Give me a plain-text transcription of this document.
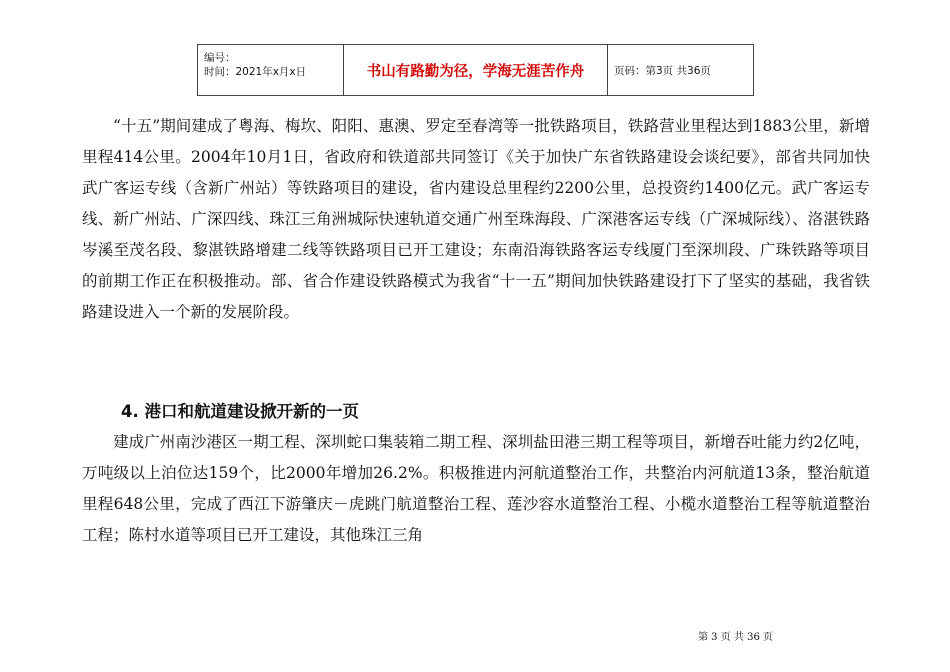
编号：
时间：2021年x月x日	书山有路勤为径，学海无涯苦作舟	页码：第3页 共36页
“十五”期间建成了粤海、梅坎、阳阳、惠澳、罗定至春湾等一批铁路项目，铁路营业里程达到1883公里，新增里程414公里。2004年10月1日，省政府和铁道部共同签订《关于加快广东省铁路建设会谈纪要》，部省共同加快武广客运专线（含新广州站）等铁路项目的建设，省内建设总里程约2200公里，总投资约1400亿元。武广客运专线、新广州站、广深四线、珠江三角洲城际快速轨道交通广州至珠海段、广深港客运专线（广深城际线）、洛湛铁路岑溪至茂名段、黎湛铁路增建二线等铁路项目已开工建设；东南沿海铁路客运专线厦门至深圳段、广珠铁路等项目的前期工作正在积极推动。部、省合作建设铁路模式为我省“十一五”期间加快铁路建设打下了坚实的基础，我省铁路建设进入一个新的发展阶段。
4. 港口和航道建设掀开新的一页
建成广州南沙港区一期工程、深圳蛇口集装箱二期工程、深圳盐田港三期工程等项目，新增吞吐能力约2亿吨，万吨级以上泊位达159个，比2000年增加26.2%。积极推进内河航道整治工作，共整治内河航道13条，整治航道里程648公里，完成了西江下游肇庆－虎跳门航道整治工程、莲沙容水道整治工程、小榄水道整治工程等航道整治工程；陈村水道等项目已开工建设，其他珠江三角
第 3 页 共 36 页
